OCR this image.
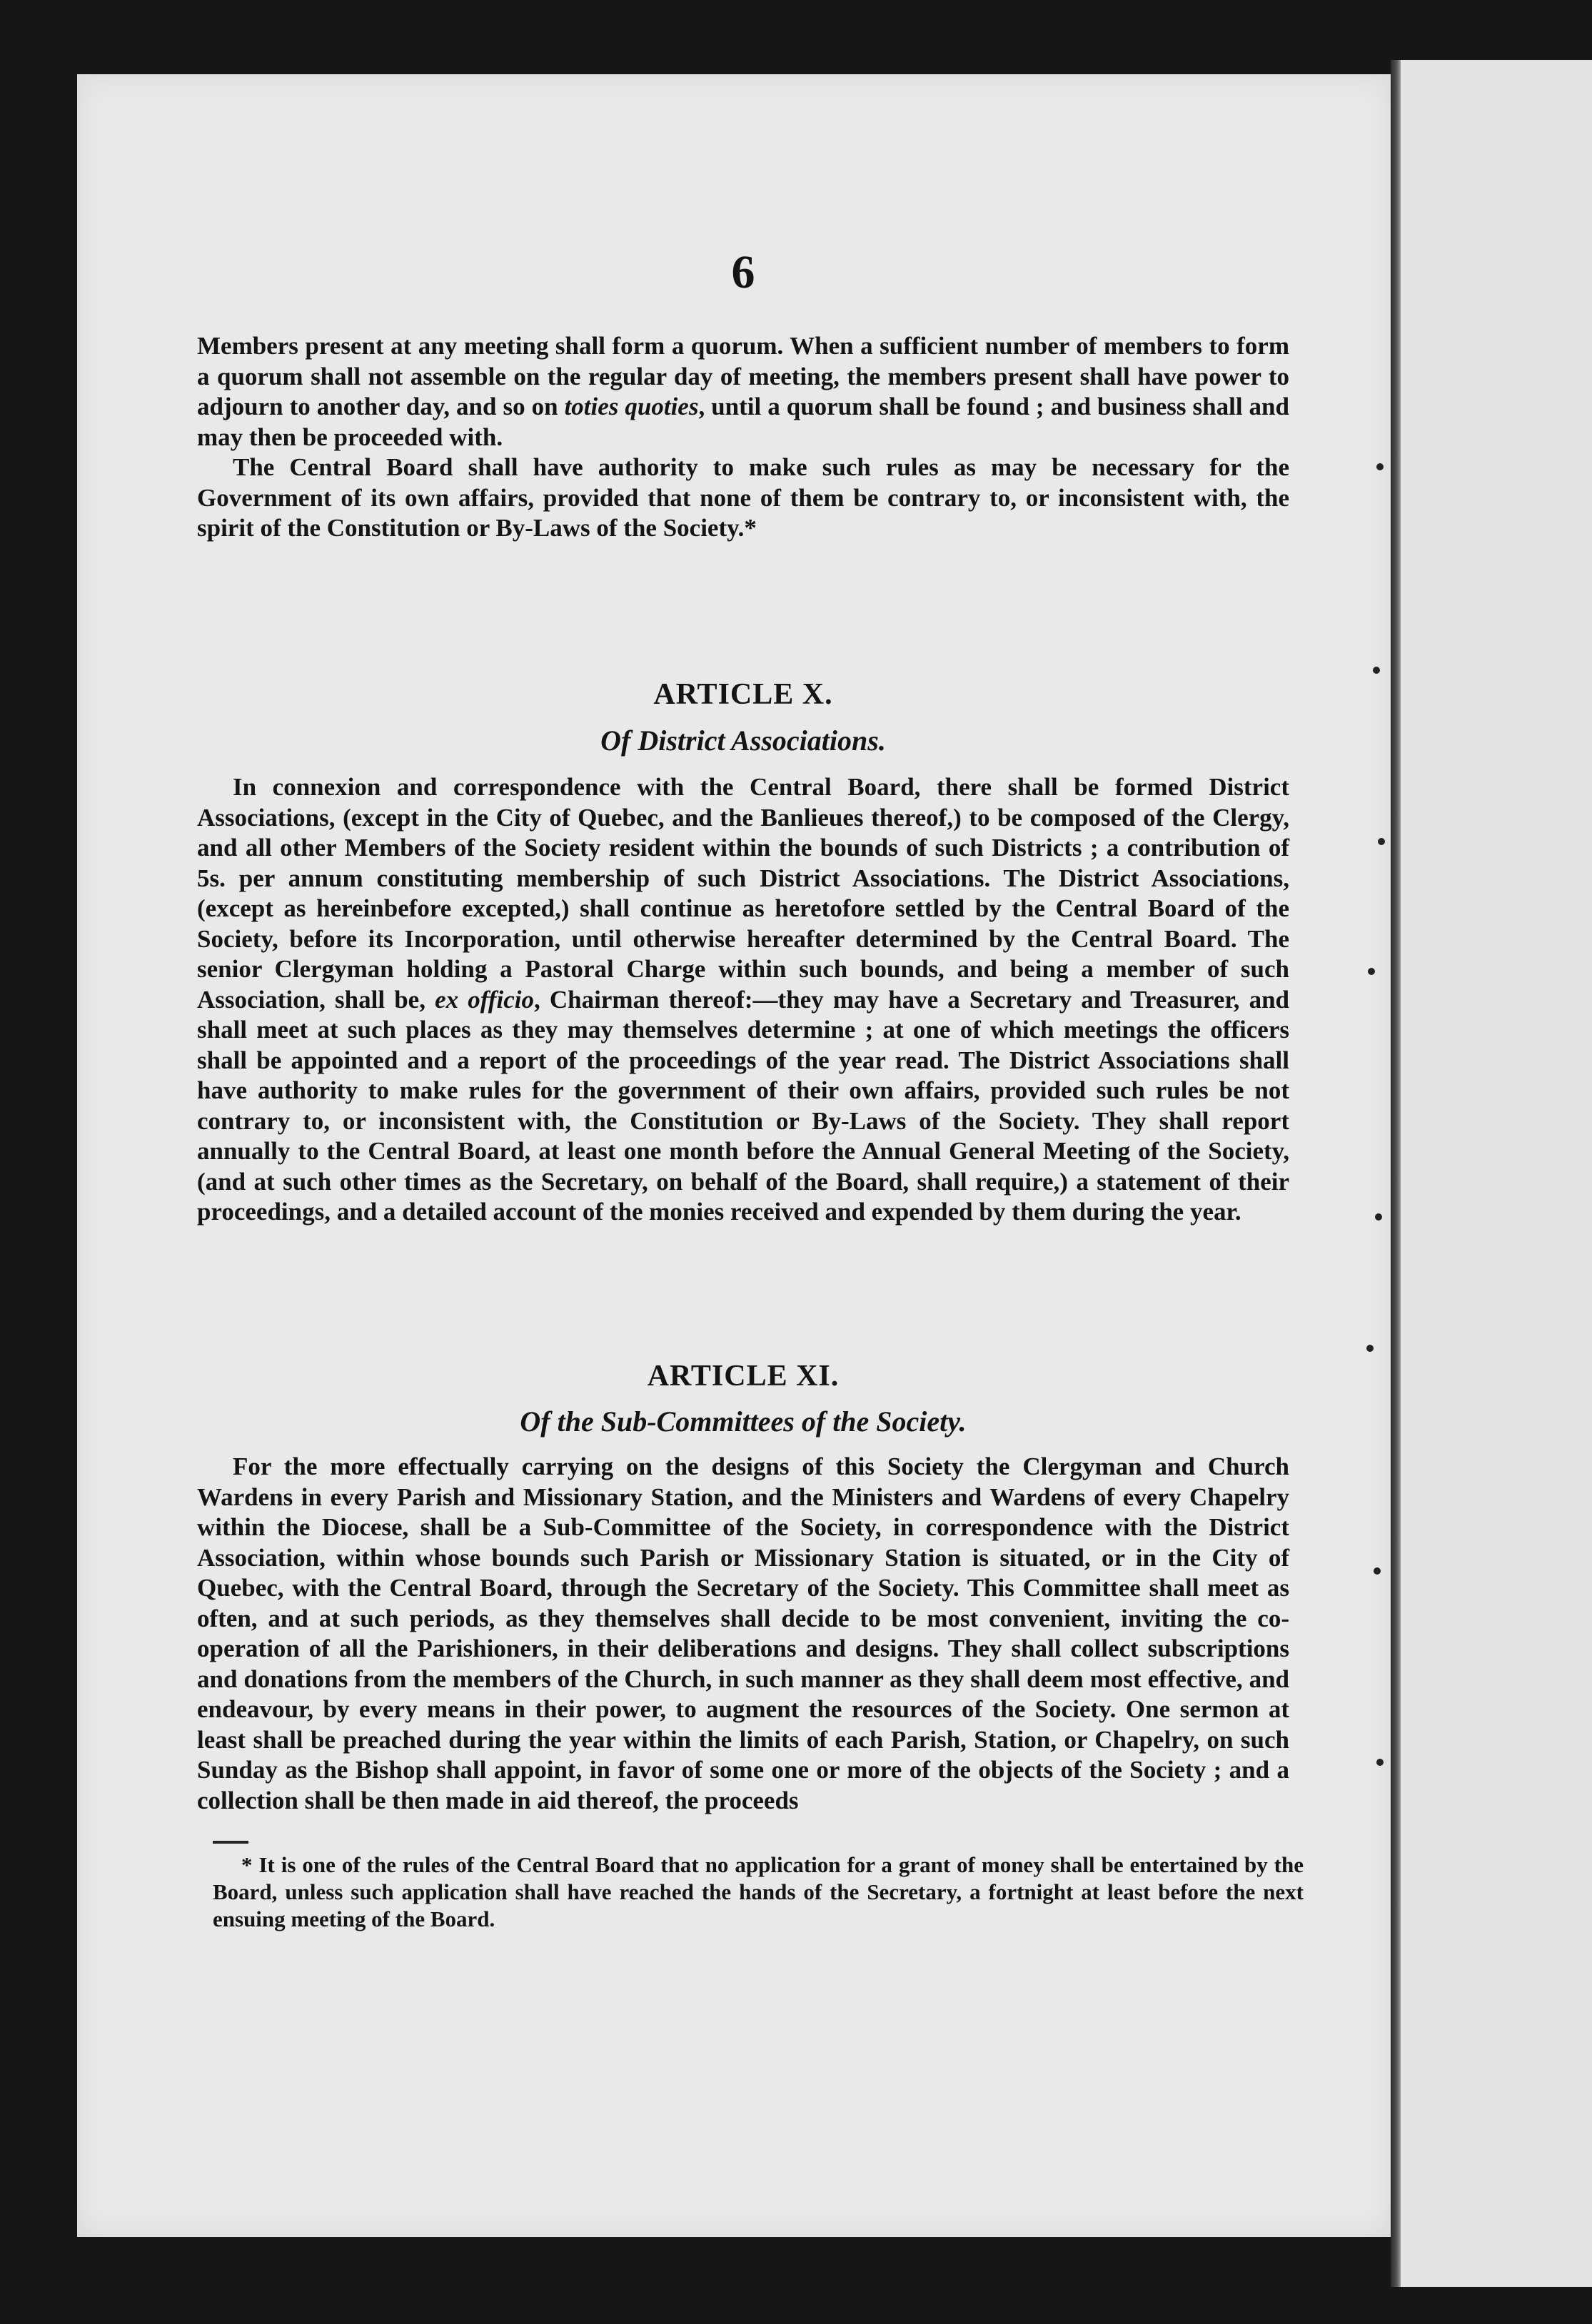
6

Members present at any meeting shall form a quorum. When a sufficient number of members to form a quorum shall not assemble on the regular day of meeting, the members present shall have power to adjourn to another day, and so on toties quoties, until a quorum shall be found ; and business shall and may then be proceeded with.

The Central Board shall have authority to make such rules as may be necessary for the Government of its own affairs, provided that none of them be contrary to, or inconsistent with, the spirit of the Constitution or By-Laws of the Society.*

ARTICLE X.
Of District Associations.

In connexion and correspondence with the Central Board, there shall be formed District Associations, (except in the City of Quebec, and the Banlieues thereof,) to be composed of the Clergy, and all other Members of the Society resident within the bounds of such Districts ; a contribution of 5s. per annum constituting membership of such District Associations. The District Associations, (except as hereinbefore excepted,) shall continue as heretofore settled by the Central Board of the Society, before its Incorporation, until otherwise hereafter determined by the Central Board. The senior Clergyman holding a Pastoral Charge within such bounds, and being a member of such Association, shall be, ex officio, Chairman thereof:—they may have a Secretary and Treasurer, and shall meet at such places as they may themselves determine ; at one of which meetings the officers shall be appointed and a report of the proceedings of the year read. The District Associations shall have authority to make rules for the government of their own affairs, provided such rules be not contrary to, or inconsistent with, the Constitution or By-Laws of the Society. They shall report annually to the Central Board, at least one month before the Annual General Meeting of the Society, (and at such other times as the Secretary, on behalf of the Board, shall require,) a statement of their proceedings, and a detailed account of the monies received and expended by them during the year.

ARTICLE XI.
Of the Sub-Committees of the Society.

For the more effectually carrying on the designs of this Society the Clergyman and Church Wardens in every Parish and Missionary Station, and the Ministers and Wardens of every Chapelry within the Diocese, shall be a Sub-Committee of the Society, in correspondence with the District Association, within whose bounds such Parish or Missionary Station is situated, or in the City of Quebec, with the Central Board, through the Secretary of the Society. This Committee shall meet as often, and at such periods, as they themselves shall decide to be most convenient, inviting the co-operation of all the Parishioners, in their deliberations and designs. They shall collect subscriptions and donations from the members of the Church, in such manner as they shall deem most effective, and endeavour, by every means in their power, to augment the resources of the Society. One sermon at least shall be preached during the year within the limits of each Parish, Station, or Chapelry, on such Sunday as the Bishop shall appoint, in favor of some one or more of the objects of the Society ; and a collection shall be then made in aid thereof, the proceeds

* It is one of the rules of the Central Board that no application for a grant of money shall be entertained by the Board, unless such application shall have reached the hands of the Secretary, a fortnight at least before the next ensuing meeting of the Board.
